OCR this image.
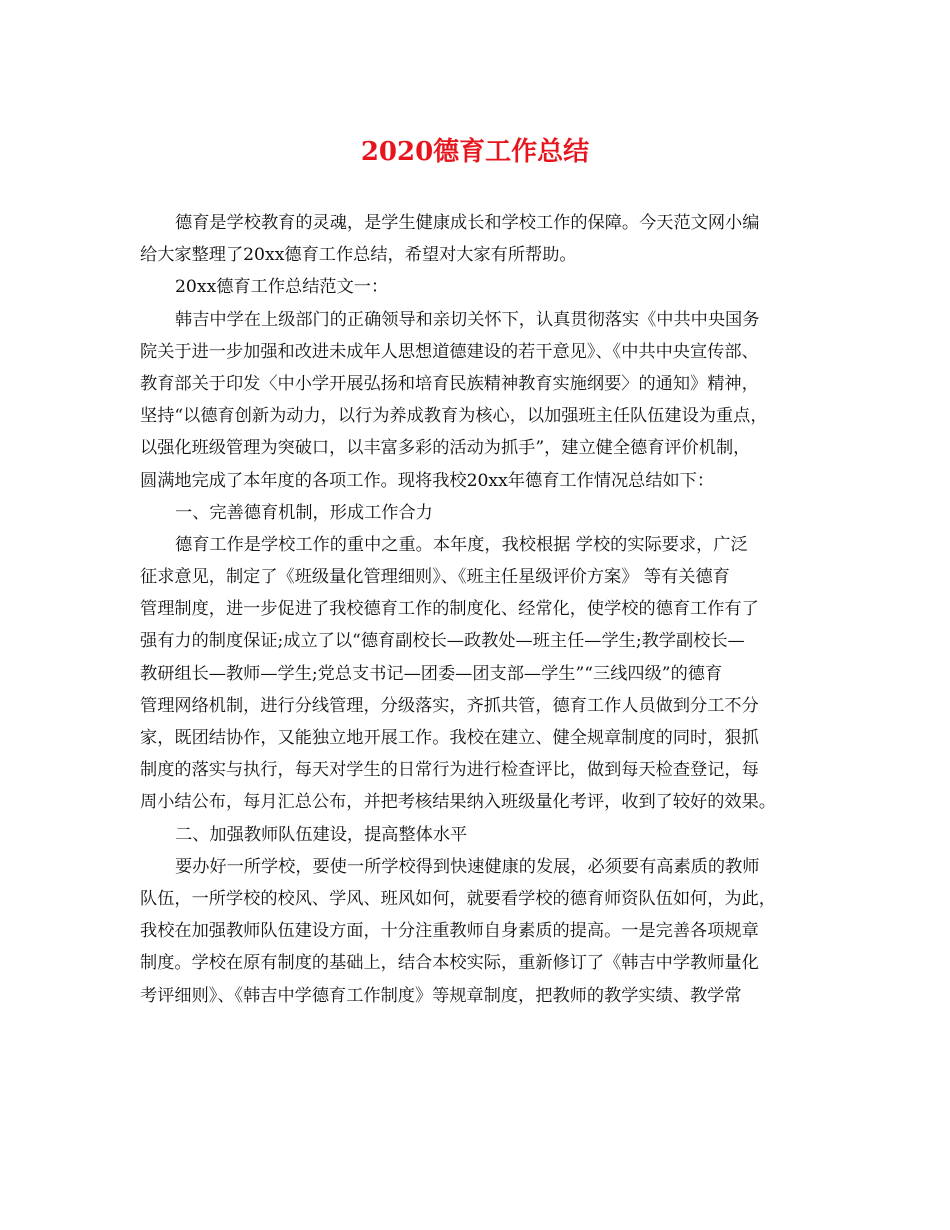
2020德育工作总结
德育是学校教育的灵魂，是学生健康成长和学校工作的保障。今天范文网小编
给大家整理了20xx德育工作总结，希望对大家有所帮助。
20xx德育工作总结范文一：
韩吉中学在上级部门的正确领导和亲切关怀下，认真贯彻落实《中共中央国务
院关于进一步加强和改进未成年人思想道德建设的若干意见》、《中共中央宣传部、
教育部关于印发〈中小学开展弘扬和培育民族精神教育实施纲要〉的通知》精神，
坚持“以德育创新为动力，以行为养成教育为核心，以加强班主任队伍建设为重点，
以强化班级管理为突破口，以丰富多彩的活动为抓手”，建立健全德育评价机制，
圆满地完成了本年度的各项工作。现将我校20xx年德育工作情况总结如下：
一、完善德育机制，形成工作合力
德育工作是学校工作的重中之重。本年度，我校根据 学校的实际要求，广泛
征求意见，制定了《班级量化管理细则》、《班主任星级评价方案》 等有关德育
管理制度，进一步促进了我校德育工作的制度化、经常化，使学校的德育工作有了
强有力的制度保证;成立了以“德育副校长—政教处—班主任—学生;教学副校长—
教研组长—教师—学生;党总支书记—团委—团支部—学生”“三线四级”的德育
管理网络机制，进行分线管理，分级落实，齐抓共管，德育工作人员做到分工不分
家，既团结协作，又能独立地开展工作。我校在建立、健全规章制度的同时，狠抓
制度的落实与执行，每天对学生的日常行为进行检查评比，做到每天检查登记，每
周小结公布，每月汇总公布，并把考核结果纳入班级量化考评，收到了较好的效果。
二、加强教师队伍建设，提高整体水平
要办好一所学校，要使一所学校得到快速健康的发展，必须要有高素质的教师
队伍，一所学校的校风、学风、班风如何，就要看学校的德育师资队伍如何，为此，
我校在加强教师队伍建设方面，十分注重教师自身素质的提高。一是完善各项规章
制度。学校在原有制度的基础上，结合本校实际，重新修订了《韩吉中学教师量化
考评细则》、《韩吉中学德育工作制度》等规章制度，把教师的教学实绩、教学常
